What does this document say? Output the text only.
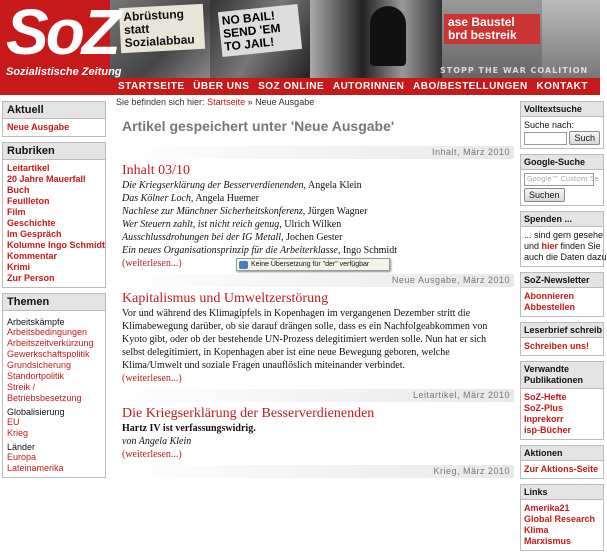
Abrüstung statt Sozialabbau
NO BAIL! SEND 'EM TO JAIL!
ase Baustel brd bestreik
STOPP THE WAR COALITION
SoZ
Sozialistische Zeitung
STARTSEITE ÜBER UNS SOZ ONLINE AUTORINNEN ABO/BESTELLUNGEN KONTAKT
Sie befinden sich hier: Startseite » Neue Ausgabe
Aktuell
Neue Ausgabe
Rubriken
Leitartikel
20 Jahre Mauerfall
Buch
Feuilleton
Film
Geschichte
Im Gespräch
Kolumne Ingo Schmidt
Kommentar
Krimi
Zur Person
Themen
Arbeitskämpfe
Arbeitsbedingungen
Arbeitszeitverkürzung
Gewerkschaftspolitik
Grundsicherung
Standortpolitik
Streik / Betriebsbesetzung
Globalisierung
EU
Krieg
Länder
Europa
Lateinamerika
Artikel gespeichert unter 'Neue Ausgabe'
Inhalt, März 2010
Inhalt 03/10
Die Kriegserklärung der Besserverdienenden, Angela Klein
Das Kölner Loch, Angela Huemer
Nachlese zur Münchner Sicherheitskonferenz, Jürgen Wagner
Wer Steuern zahlt, ist nicht reich genug, Ulrich Wilken
Ausschlussdrohungen bei der IG Metall, Jochen Gester
Ein neues Organisationsprinzip für die Arbeiterklasse, Ingo Schmidt
(weiterlesen...)
Neue Ausgabe, März 2010
Kapitalismus und Umweltzerstörung
Vor und während des Klimagipfels in Kopenhagen im vergangenen Dezember stritt die Klimabewegung darüber, ob sie darauf drängen solle, dass es ein Nachfolgeabkommen von Kyoto gibt, oder ob der bestehende UN-Prozess delegitimiert werden solle. Nun hat er sich selbst delegitimiert, in Kopenhagen aber ist eine neue Bewegung geboren, welche Klima/Umwelt und soziale Fragen unauflöslich miteinander verbindet.
(weiterlesen...)
Leitartikel, März 2010
Die Kriegserklärung der Besserverdienenden
Hartz IV ist verfassungswidrig.
von Angela Klein
(weiterlesen...)
Krieg, März 2010
Keine Übersetzung für "der" verfügbar
Volltextsuche
Suche nach:
Such
Google-Suche
Google™ Custom Se
Suchen
Spenden ...
... sind gern gesehe
und hier finden Sie
auch die Daten dazu
SoZ-Newsletter
Abonnieren
Abbestellen
Leserbrief schreib
Schreiben uns!
Verwandte Publikationen
SoZ-Hefte
SoZ-Plus
Inprekorr
isp-Bücher
Aktionen
Zur Aktions-Seite
Links
Amerika21
Global Research
Klima
Marxismus
